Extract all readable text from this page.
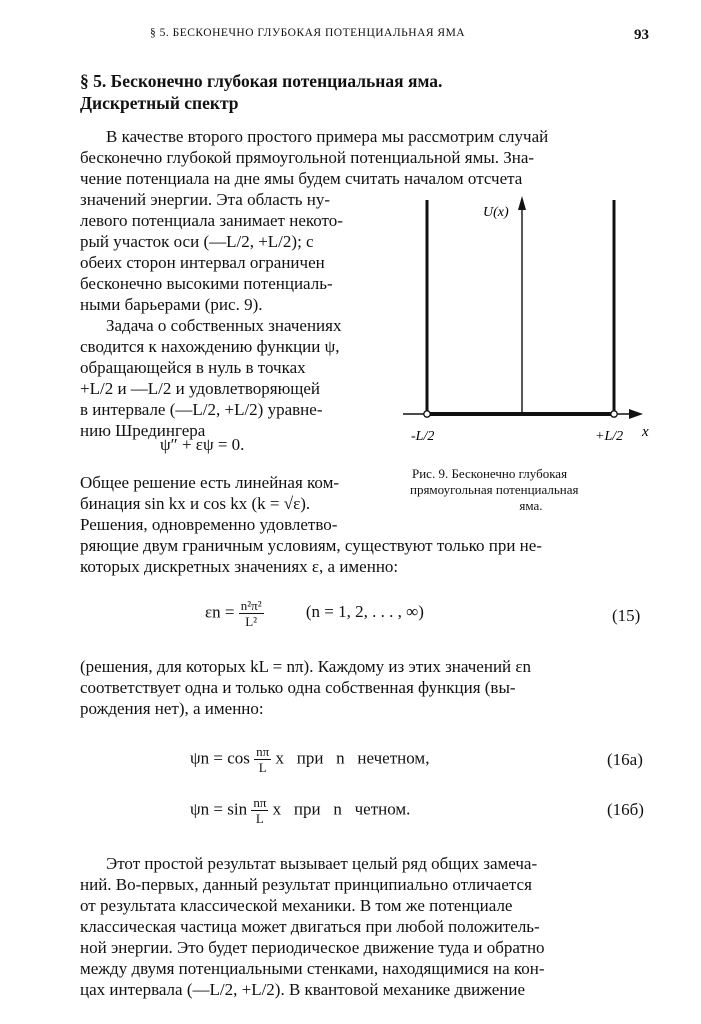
§ 5. БЕСКОНЕЧНО ГЛУБОКАЯ ПОТЕНЦИАЛЬНАЯ ЯМА	93
§ 5. Бесконечно глубокая потенциальная яма.
Дискретный спектр
В качестве второго простого примера мы рассмотрим случай
бесконечно глубокой прямоугольной потенциальной ямы. Зна-
чение потенциала на дне ямы будем считать началом отсчета
значений энергии. Эта область ну-
левого потенциала занимает некото-
рый участок оси (—L/2, +L/2); с
обеих сторон интервал ограничен
бесконечно высокими потенциаль-
ными барьерами (рис. 9).
Задача о собственных значениях
сводится к нахождению функции ψ,
обращающейся в нуль в точках
+L/2 и —L/2 и удовлетворяющей
в интервале (—L/2, +L/2) уравне-
нию Шредингера
ψ″ + εψ = 0.
Общее решение есть линейная ком-
бинация sin kx и cos kx (k = √ε).
Решения, одновременно удовлетво-
ряющие двум граничным условиям, существуют только при не-
которых дискретных значениях ε, а именно:
$\varepsilon n = \frac{\text{n²π²}}{\text{L²}} (n = 1$, 2, . . . , ∞)	(15)
(решения, для которых kL = nπ). Каждому из этих значений εn
соответствует одна и только одна собственная функция (вы-
рождения нет), а именно:
$\psi n = \cos \frac{n\pi}{L}$ x   при   n   нечетном,	(16а)
$\psi n = \sin \frac{n\pi}{L}$ x   при   n   четном.	(16б)
Этот простой результат вызывает целый ряд общих замеча-
ний. Во-первых, данный результат принципиально отличается
от результата классической механики. В том же потенциале
классическая частица может двигаться при любой положитель-
ной энергии. Это будет периодическое движение туда и обратно
между двумя потенциальными стенками, находящимися на кон-
цах интервала (—L/2, +L/2). В квантовой механике движение
U(x)
x
-L/2	+L/2
Рис. 9. Бесконечно глубокая
прямоугольная потенциальная
яма.
